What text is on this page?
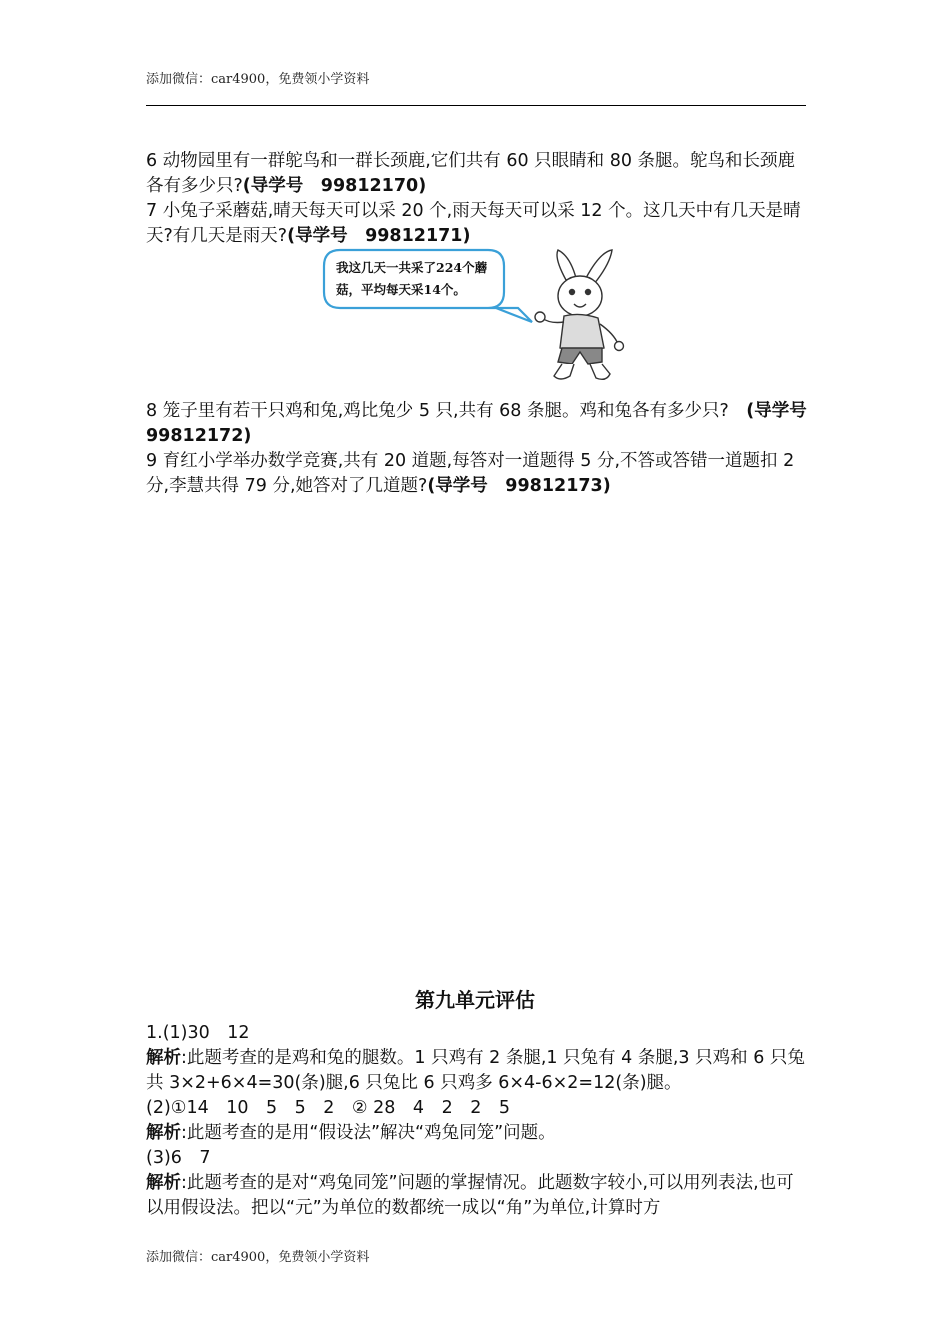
添加微信：car4900，免费领小学资料

6 动物园里有一群鸵鸟和一群长颈鹿,它们共有 60 只眼睛和 80 条腿。鸵鸟和长颈鹿各有多少只?(导学号　99812170)

7 小兔子采蘑菇,晴天每天可以采 20 个,雨天每天可以采 12 个。这几天中有几天是晴天?有几天是雨天?(导学号　99812171)

我这几天一共采了224个蘑
菇，平均每天采14个。

8 笼子里有若干只鸡和兔,鸡比兔少 5 只,共有 68 条腿。鸡和兔各有多少只?　(导学号　99812172)

9 育红小学举办数学竞赛,共有 20 道题,每答对一道题得 5 分,不答或答错一道题扣 2 分,李慧共得 79 分,她答对了几道题?(导学号　99812173)

第九单元评估

1.(1)30　12

解析:此题考查的是鸡和兔的腿数。1 只鸡有 2 条腿,1 只兔有 4 条腿,3 只鸡和 6 只兔共 3×2+6×4=30(条)腿,6 只兔比 6 只鸡多 6×4-6×2=12(条)腿。

(2)①14　10　5　5　2　② 28　4　2　2　5

解析:此题考查的是用“假设法”解决“鸡兔同笼”问题。

(3)6　7

解析:此题考查的是对“鸡兔同笼”问题的掌握情况。此题数字较小,可以用列表法,也可以用假设法。把以“元”为单位的数都统一成以“角”为单位,计算时方

添加微信：car4900，免费领小学资料
